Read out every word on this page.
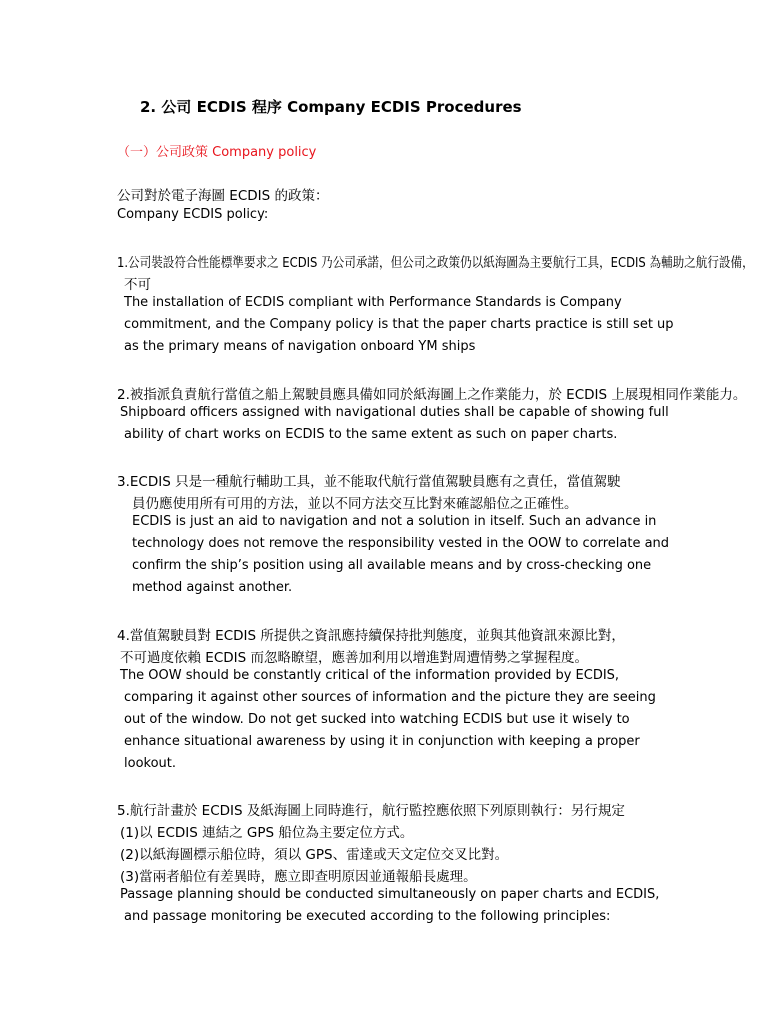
2. 公司 ECDIS 程序 Company ECDIS Procedures
（一）公司政策 Company policy
公司對於電子海圖 ECDIS 的政策：
Company ECDIS policy:
1.公司裝設符合性能標準要求之 ECDIS 乃公司承諾，但公司之政策仍以紙海圖為主要航行工具，ECDIS 為輔助之航行設備，
不可
The installation of ECDIS compliant with Performance Standards is Company
commitment, and the Company policy is that the paper charts practice is still set up
as the primary means of navigation onboard YM ships
2.被指派負責航行當值之船上駕駛員應具備如同於紙海圖上之作業能力，於 ECDIS 上展現相同作業能力。
Shipboard officers assigned with navigational duties shall be capable of showing full
ability of chart works on ECDIS to the same extent as such on paper charts.
3.ECDIS 只是一種航行輔助工具，並不能取代航行當值駕駛員應有之責任，當值駕駛
員仍應使用所有可用的方法，並以不同方法交互比對來確認船位之正確性。
ECDIS is just an aid to navigation and not a solution in itself. Such an advance in
technology does not remove the responsibility vested in the OOW to correlate and
confirm the ship’s position using all available means and by cross-checking one
method against another.
4.當值駕駛員對 ECDIS 所提供之資訊應持續保持批判態度，並與其他資訊來源比對，
不可過度依賴 ECDIS 而忽略瞭望，應善加利用以增進對周遭情勢之掌握程度。
The OOW should be constantly critical of the information provided by ECDIS,
comparing it against other sources of information and the picture they are seeing
out of the window. Do not get sucked into watching ECDIS but use it wisely to
enhance situational awareness by using it in conjunction with keeping a proper
lookout.
5.航行計畫於 ECDIS 及紙海圖上同時進行，航行監控應依照下列原則執行：另行規定
(1)以 ECDIS 連結之 GPS 船位為主要定位方式。
(2)以紙海圖標示船位時，須以 GPS、雷達或天文定位交叉比對。
(3)當兩者船位有差異時，應立即查明原因並通報船長處理。
Passage planning should be conducted simultaneously on paper charts and ECDIS,
and passage monitoring be executed according to the following principles:
